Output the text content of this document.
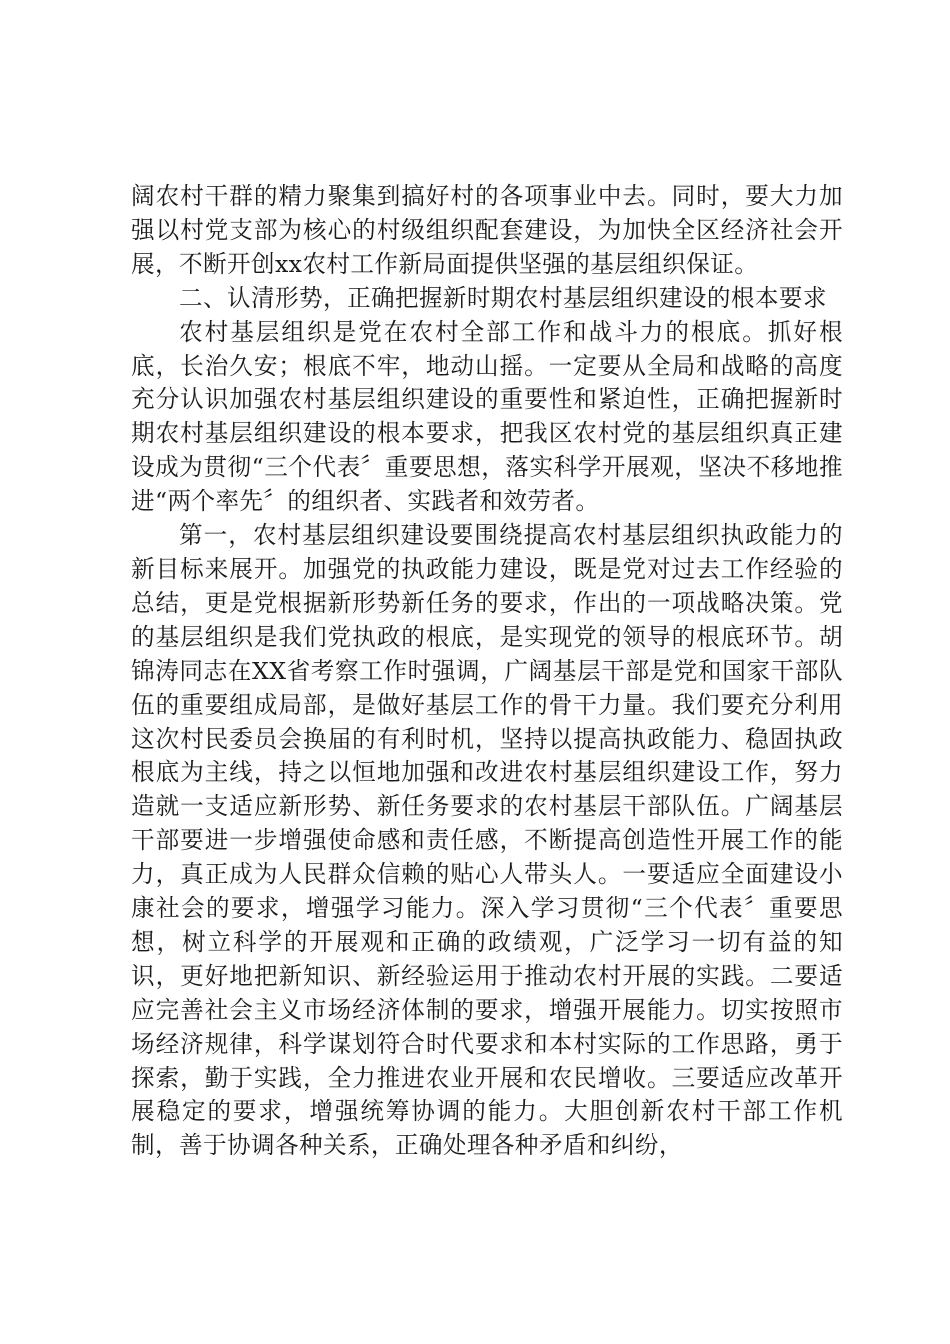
阔农村干群的精力聚集到搞好村的各项事业中去。同时，要大力加强以村党支部为核心的村级组织配套建设，为加快全区经济社会开展，不断开创xx农村工作新局面提供坚强的基层组织保证。

二、认清形势，正确把握新时期农村基层组织建设的根本要求

农村基层组织是党在农村全部工作和战斗力的根底。抓好根底，长治久安；根底不牢，地动山摇。一定要从全局和战略的高度充分认识加强农村基层组织建设的重要性和紧迫性，正确把握新时期农村基层组织建设的根本要求，把我区农村党的基层组织真正建设成为贯彻“三个代表〞重要思想，落实科学开展观，坚决不移地推进“两个率先〞的组织者、实践者和效劳者。

第一，农村基层组织建设要围绕提高农村基层组织执政能力的新目标来展开。加强党的执政能力建设，既是党对过去工作经验的总结，更是党根据新形势新任务的要求，作出的一项战略决策。党的基层组织是我们党执政的根底，是实现党的领导的根底环节。胡锦涛同志在XX省考察工作时强调，广阔基层干部是党和国家干部队伍的重要组成局部，是做好基层工作的骨干力量。我们要充分利用这次村民委员会换届的有利时机，坚持以提高执政能力、稳固执政根底为主线，持之以恒地加强和改进农村基层组织建设工作，努力造就一支适应新形势、新任务要求的农村基层干部队伍。广阔基层干部要进一步增强使命感和责任感，不断提高创造性开展工作的能力，真正成为人民群众信赖的贴心人带头人。一要适应全面建设小康社会的要求，增强学习能力。深入学习贯彻“三个代表〞重要思想，树立科学的开展观和正确的政绩观，广泛学习一切有益的知识，更好地把新知识、新经验运用于推动农村开展的实践。二要适应完善社会主义市场经济体制的要求，增强开展能力。切实按照市场经济规律，科学谋划符合时代要求和本村实际的工作思路，勇于探索，勤于实践，全力推进农业开展和农民增收。三要适应改革开展稳定的要求，增强统筹协调的能力。大胆创新农村干部工作机制，善于协调各种关系，正确处理各种矛盾和纠纷，
